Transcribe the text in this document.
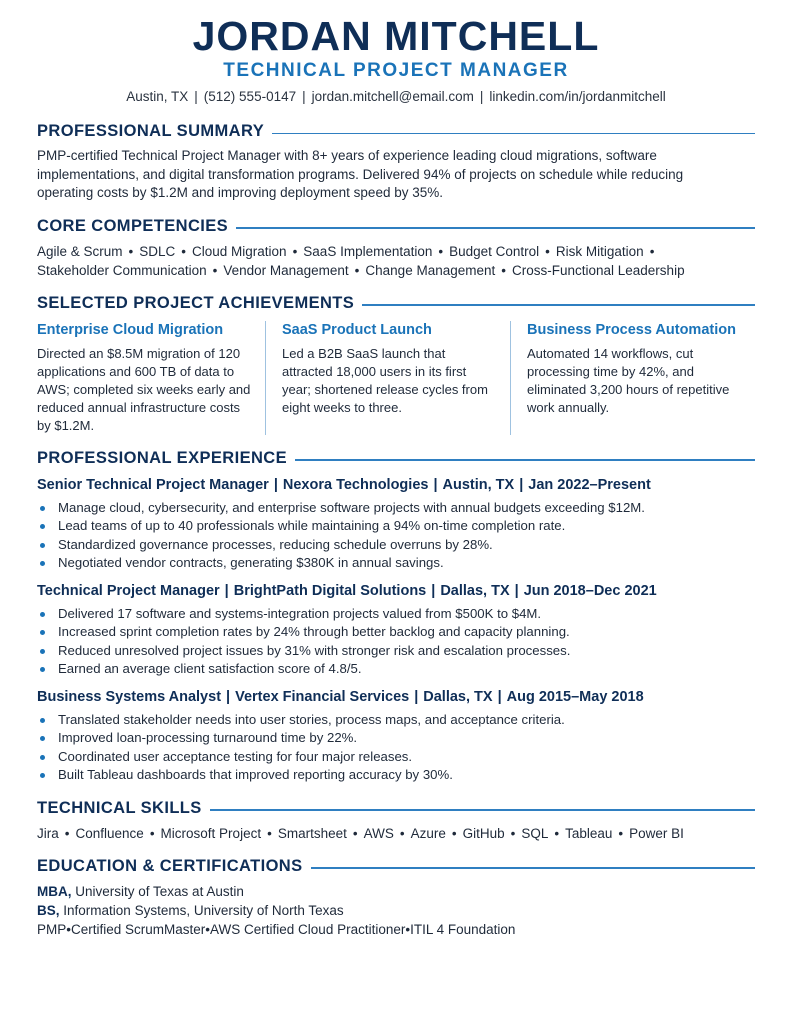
JORDAN MITCHELL
TECHNICAL PROJECT MANAGER
Austin, TX | (512) 555-0147 | jordan.mitchell@email.com | linkedin.com/in/jordanmitchell
PROFESSIONAL SUMMARY
PMP-certified Technical Project Manager with 8+ years of experience leading cloud migrations, software implementations, and digital transformation programs. Delivered 94% of projects on schedule while reducing operating costs by $1.2M and improving deployment speed by 35%.
CORE COMPETENCIES
Agile & Scrum • SDLC • Cloud Migration • SaaS Implementation • Budget Control • Risk Mitigation •
Stakeholder Communication • Vendor Management • Change Management • Cross-Functional Leadership
SELECTED PROJECT ACHIEVEMENTS
Enterprise Cloud Migration
Directed an $8.5M migration of 120 applications and 600 TB of data to AWS; completed six weeks early and reduced annual infrastructure costs by $1.2M.
SaaS Product Launch
Led a B2B SaaS launch that attracted 18,000 users in its first year; shortened release cycles from eight weeks to three.
Business Process Automation
Automated 14 workflows, cut processing time by 42%, and eliminated 3,200 hours of repetitive work annually.
PROFESSIONAL EXPERIENCE
Senior Technical Project Manager | Nexora Technologies | Austin, TX | Jan 2022–Present
Manage cloud, cybersecurity, and enterprise software projects with annual budgets exceeding $12M.
Lead teams of up to 40 professionals while maintaining a 94% on-time completion rate.
Standardized governance processes, reducing schedule overruns by 28%.
Negotiated vendor contracts, generating $380K in annual savings.
Technical Project Manager | BrightPath Digital Solutions | Dallas, TX | Jun 2018–Dec 2021
Delivered 17 software and systems-integration projects valued from $500K to $4M.
Increased sprint completion rates by 24% through better backlog and capacity planning.
Reduced unresolved project issues by 31% with stronger risk and escalation processes.
Earned an average client satisfaction score of 4.8/5.
Business Systems Analyst | Vertex Financial Services | Dallas, TX | Aug 2015–May 2018
Translated stakeholder needs into user stories, process maps, and acceptance criteria.
Improved loan-processing turnaround time by 22%.
Coordinated user acceptance testing for four major releases.
Built Tableau dashboards that improved reporting accuracy by 30%.
TECHNICAL SKILLS
Jira • Confluence • Microsoft Project • Smartsheet • AWS • Azure • GitHub • SQL • Tableau • Power BI
EDUCATION & CERTIFICATIONS
MBA, University of Texas at Austin
BS, Information Systems, University of North Texas
PMP•Certified ScrumMaster•AWS Certified Cloud Practitioner•ITIL 4 Foundation
